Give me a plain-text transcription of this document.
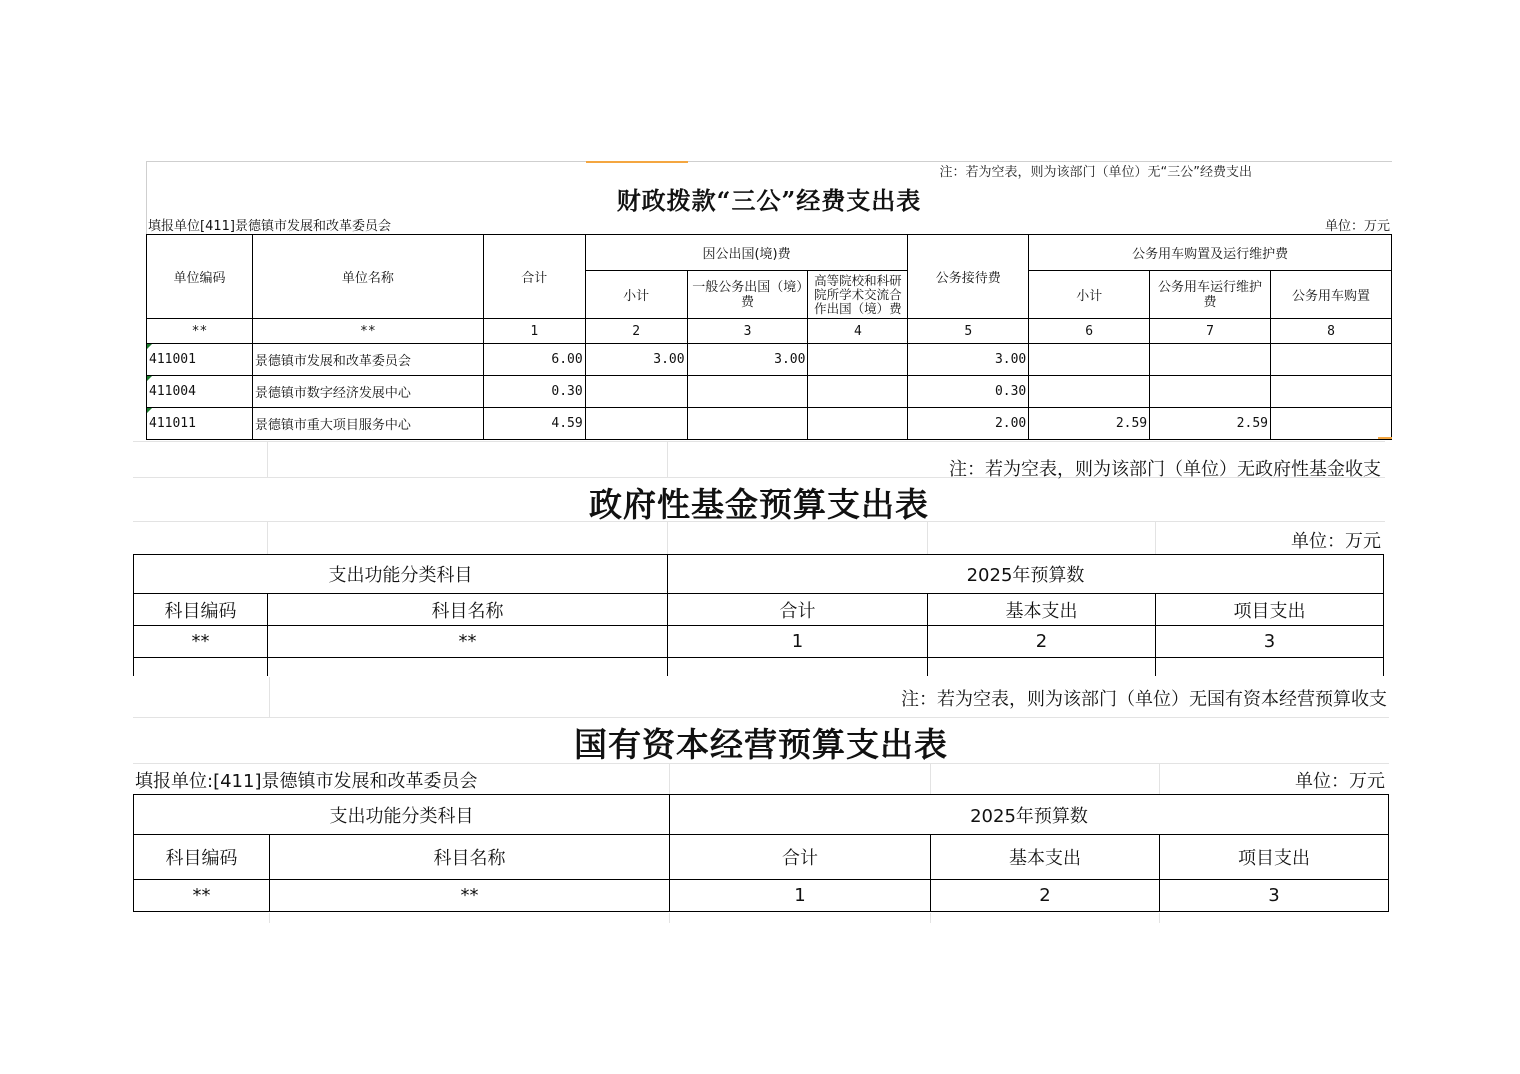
注：若为空表，则为该部门（单位）无“三公”经费支出
财政拨款“三公”经费支出表
填报单位[411]景德镇市发展和改革委员会	单位：万元
单位编码	单位名称	合计	因公出国(境)费			公务接待费	公务用车购置及运行维护费		
			小计	一般公务出国（境）费	高等院校和科研院所学术交流合作出国（境）费		小计	公务用车运行维护费	公务用车购置
**	**	1	2	3	4	5	6	7	8
411001	景德镇市发展和改革委员会	6.00	3.00	3.00		3.00			
411004	景德镇市数字经济发展中心	0.30				0.30			
411011	景德镇市重大项目服务中心	4.59				2.00	2.59	2.59	
注：若为空表，则为该部门（单位）无政府性基金收支
政府性基金预算支出表
单位：万元
支出功能分类科目		2025年预算数		
科目编码	科目名称	合计	基本支出	项目支出
**	**	1	2	3

注：若为空表，则为该部门（单位）无国有资本经营预算收支
国有资本经营预算支出表
填报单位:[411]景德镇市发展和改革委员会	单位：万元
支出功能分类科目		2025年预算数		
科目编码	科目名称	合计	基本支出	项目支出
**	**	1	2	3
